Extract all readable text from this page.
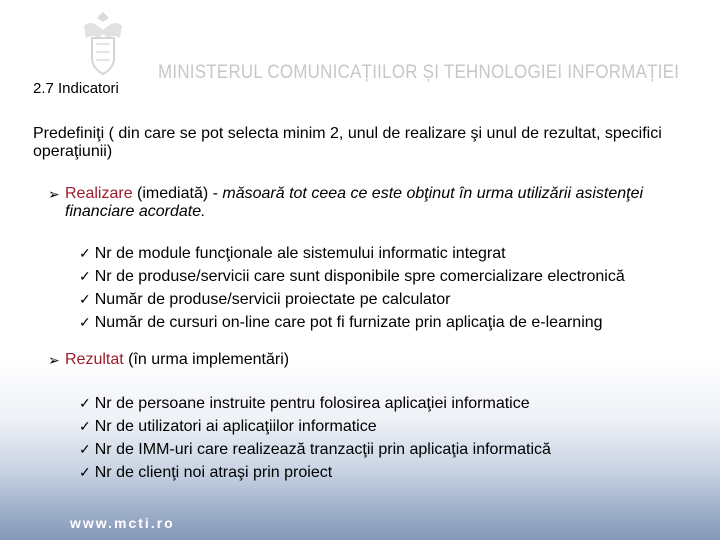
MINISTERUL COMUNICAȚIILOR ȘI TEHNOLOGIEI INFORMAȚIEI
2.7 Indicatori
Predefiniţi ( din care se pot selecta minim 2, unul de realizare şi unul de rezultat, specifici operaţiunii)
➢ Realizare (imediată) - măsoară tot ceea ce este obţinut în urma utilizării asistenţei financiare acordate.
✓ Nr de module funcţionale ale sistemului informatic integrat
✓ Nr de produse/servicii care sunt disponibile spre comercializare electronică
✓ Număr de produse/servicii proiectate pe calculator
✓ Număr de cursuri on-line care pot fi furnizate prin aplicaţia de e-learning
➢ Rezultat (în urma implementări)
✓ Nr de persoane instruite pentru folosirea aplicaţiei informatice
✓ Nr de utilizatori ai aplicaţiilor informatice
✓ Nr de IMM-uri care realizează tranzacţii prin aplicaţia informatică
✓ Nr de clienţi noi atraşi prin proiect
www.mcti.ro
